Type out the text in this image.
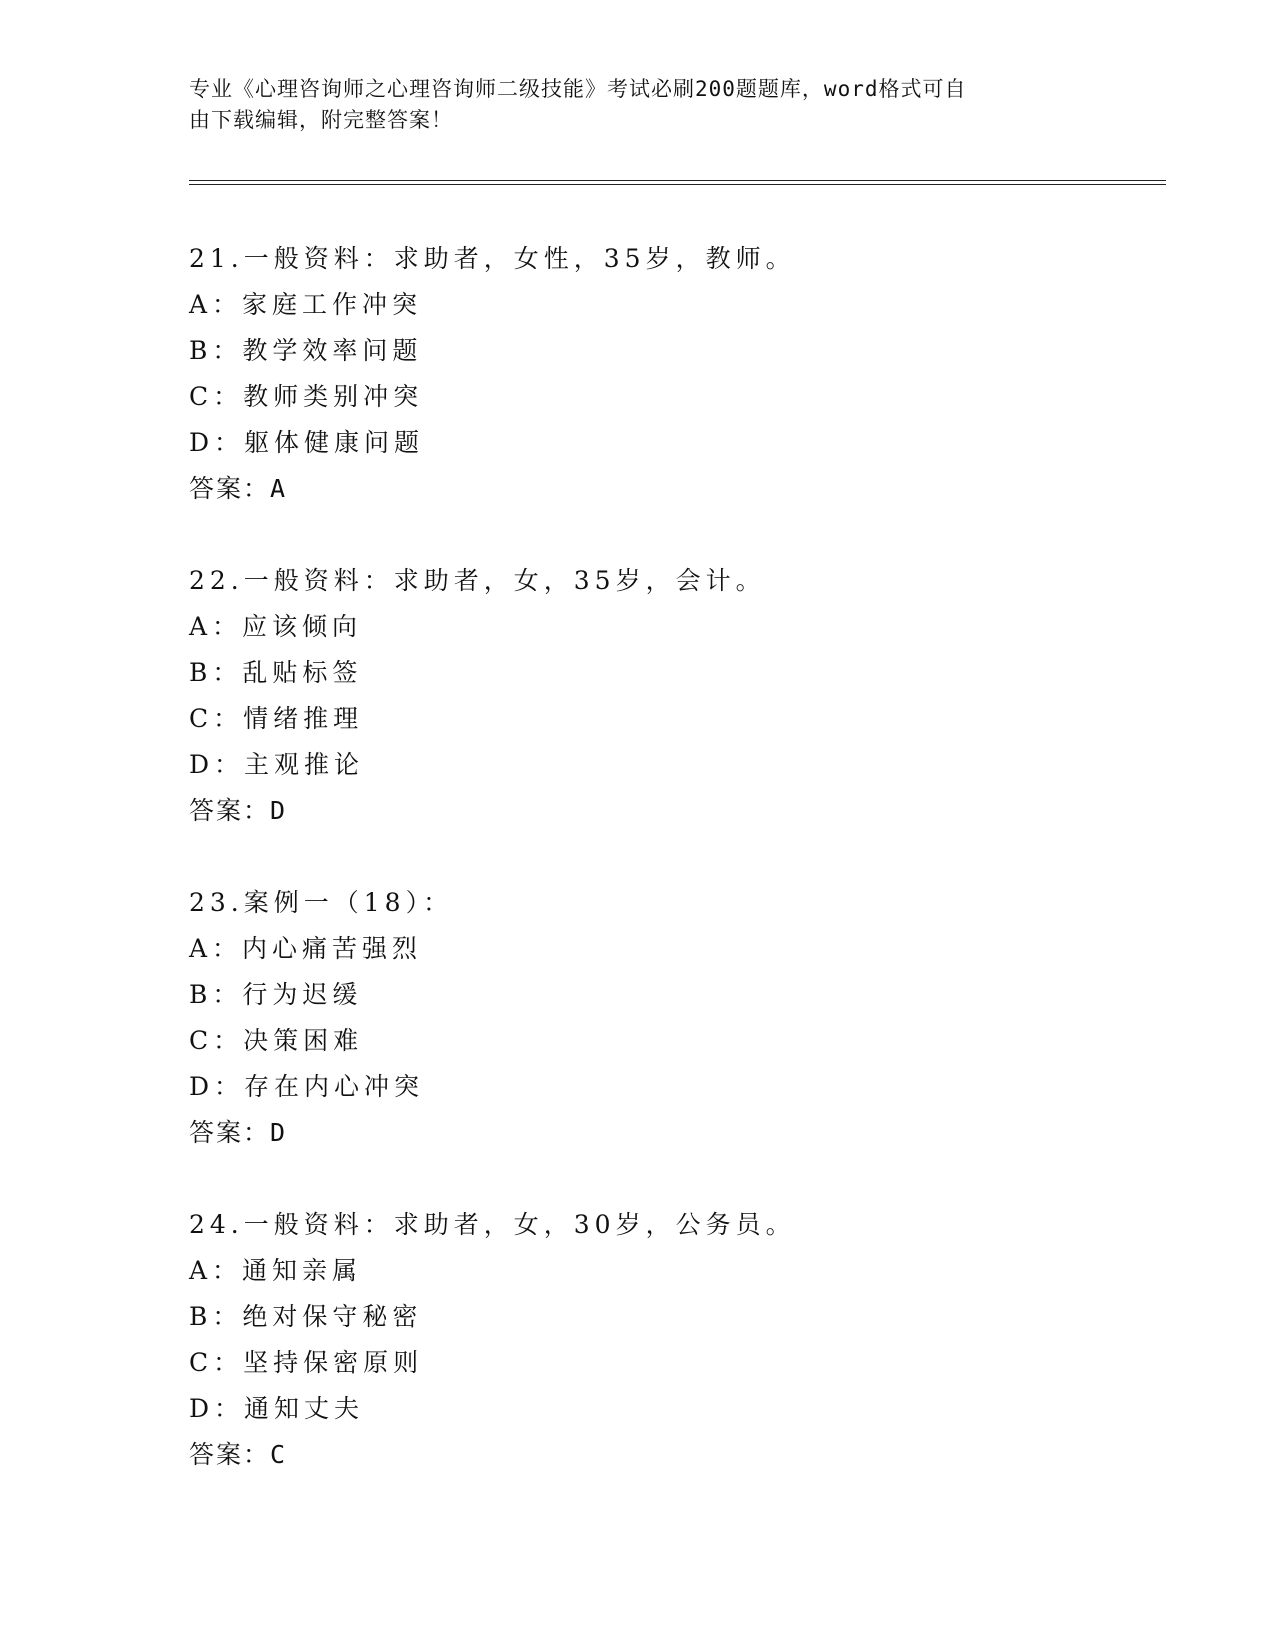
专业《心理咨询师之心理咨询师二级技能》考试必刷200题题库，word格式可自
由下载编辑，附完整答案！
21.一般资料：求助者，女性，35岁，教师。
A：家庭工作冲突
B：教学效率问题
C：教师类别冲突
D：躯体健康问题
答案：A
22.一般资料：求助者，女，35岁，会计。
A：应该倾向
B：乱贴标签
C：情绪推理
D：主观推论
答案：D
23.案例一（18）：
A：内心痛苦强烈
B：行为迟缓
C：决策困难
D：存在内心冲突
答案：D
24.一般资料：求助者，女，30岁，公务员。
A：通知亲属
B：绝对保守秘密
C：坚持保密原则
D：通知丈夫
答案：C
